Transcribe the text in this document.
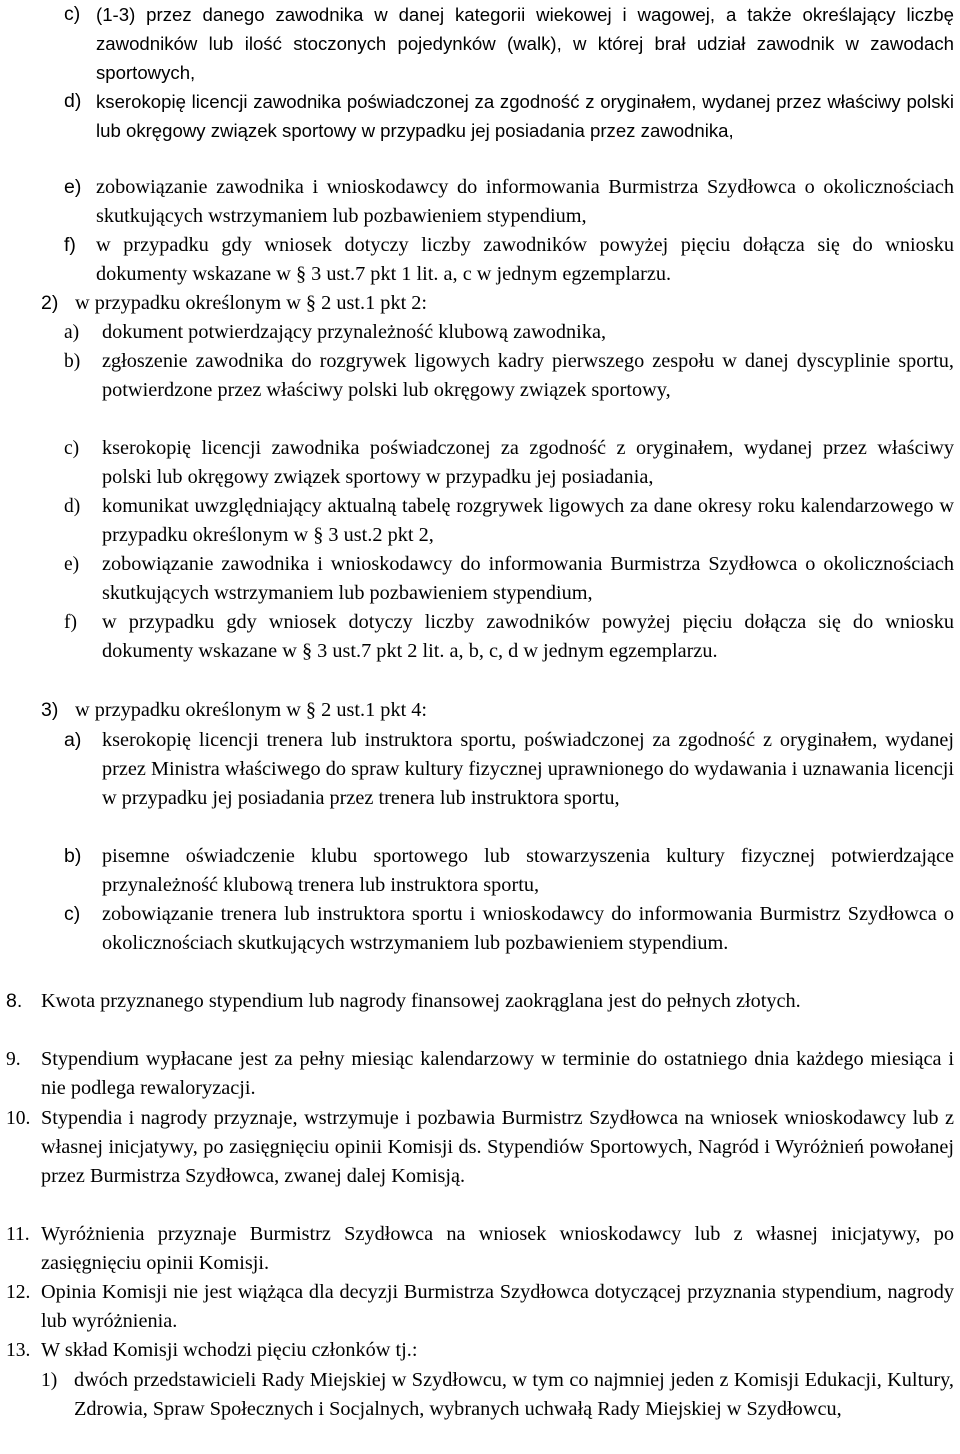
c) (1-3) przez danego zawodnika w danej kategorii wiekowej i wagowej, a także określający liczbę zawodników lub ilość stoczonych pojedynków (walk), w której brał udział zawodnik w zawodach sportowych,
d) kserokopię licencji zawodnika poświadczonej za zgodność z oryginałem, wydanej przez właściwy polski lub okręgowy związek sportowy w przypadku jej posiadania przez zawodnika,
e) zobowiązanie zawodnika i wnioskodawcy do informowania Burmistrza Szydłowca o okolicznościach skutkujących wstrzymaniem lub pozbawieniem stypendium,
f) w przypadku gdy wniosek dotyczy liczby zawodników powyżej pięciu dołącza się do wniosku dokumenty wskazane w § 3 ust.7 pkt 1 lit. a, c w jednym egzemplarzu.
2) w przypadku określonym w § 2 ust.1 pkt 2:
a)	dokument potwierdzający przynależność klubową zawodnika,
b)	zgłoszenie zawodnika do rozgrywek ligowych kadry pierwszego zespołu w danej dyscyplinie sportu, potwierdzone przez właściwy polski lub okręgowy związek sportowy,
c)	kserokopię licencji zawodnika poświadczonej za zgodność z oryginałem, wydanej przez właściwy polski lub okręgowy związek sportowy w przypadku jej posiadania,
d)	komunikat uwzględniający aktualną tabelę rozgrywek ligowych za dane okresy roku kalendarzowego w przypadku określonym w § 3 ust.2 pkt 2,
e)	zobowiązanie zawodnika i wnioskodawcy do informowania Burmistrza Szydłowca o okolicznościach skutkujących wstrzymaniem lub pozbawieniem stypendium,
f)	w przypadku gdy wniosek dotyczy liczby zawodników powyżej pięciu dołącza się do wniosku dokumenty wskazane w § 3 ust.7 pkt 2 lit. a, b, c, d w jednym egzemplarzu.
3) w przypadku określonym w § 2 ust.1 pkt 4:
a)	kserokopię licencji trenera lub instruktora sportu, poświadczonej za zgodność z oryginałem, wydanej przez Ministra właściwego do spraw kultury fizycznej uprawnionego do wydawania i uznawania licencji w przypadku jej posiadania przez trenera lub instruktora sportu,
b)	pisemne oświadczenie klubu sportowego lub stowarzyszenia kultury fizycznej potwierdzające przynależność klubową trenera lub instruktora sportu,
c)	zobowiązanie trenera lub instruktora sportu i wnioskodawcy do informowania Burmistrz Szydłowca o okolicznościach skutkujących wstrzymaniem lub pozbawieniem stypendium.
8. Kwota przyznanego stypendium lub nagrody finansowej zaokrąglana jest do pełnych złotych.
9.	Stypendium wypłacane jest za pełny miesiąc kalendarzowy w terminie do ostatniego dnia każdego miesiąca i nie podlega rewaloryzacji.
10. Stypendia i nagrody przyznaje, wstrzymuje i pozbawia Burmistrz Szydłowca na wniosek wnioskodawcy lub z własnej inicjatywy, po zasięgnięciu opinii Komisji ds. Stypendiów Sportowych, Nagród i Wyróżnień powołanej przez Burmistrza Szydłowca, zwanej dalej Komisją.
11. Wyróżnienia przyznaje Burmistrz Szydłowca na wniosek wnioskodawcy lub z własnej inicjatywy, po zasięgnięciu opinii Komisji.
12. Opinia Komisji nie jest wiążąca dla decyzji Burmistrza Szydłowca dotyczącej przyznania stypendium, nagrody lub wyróżnienia.
13. W skład Komisji wchodzi pięciu członków tj.:
1) dwóch przedstawicieli Rady Miejskiej w Szydłowcu, w tym co najmniej jeden z Komisji Edukacji, Kultury, Zdrowia, Spraw Społecznych i Socjalnych, wybranych uchwałą Rady Miejskiej w Szydłowcu,
